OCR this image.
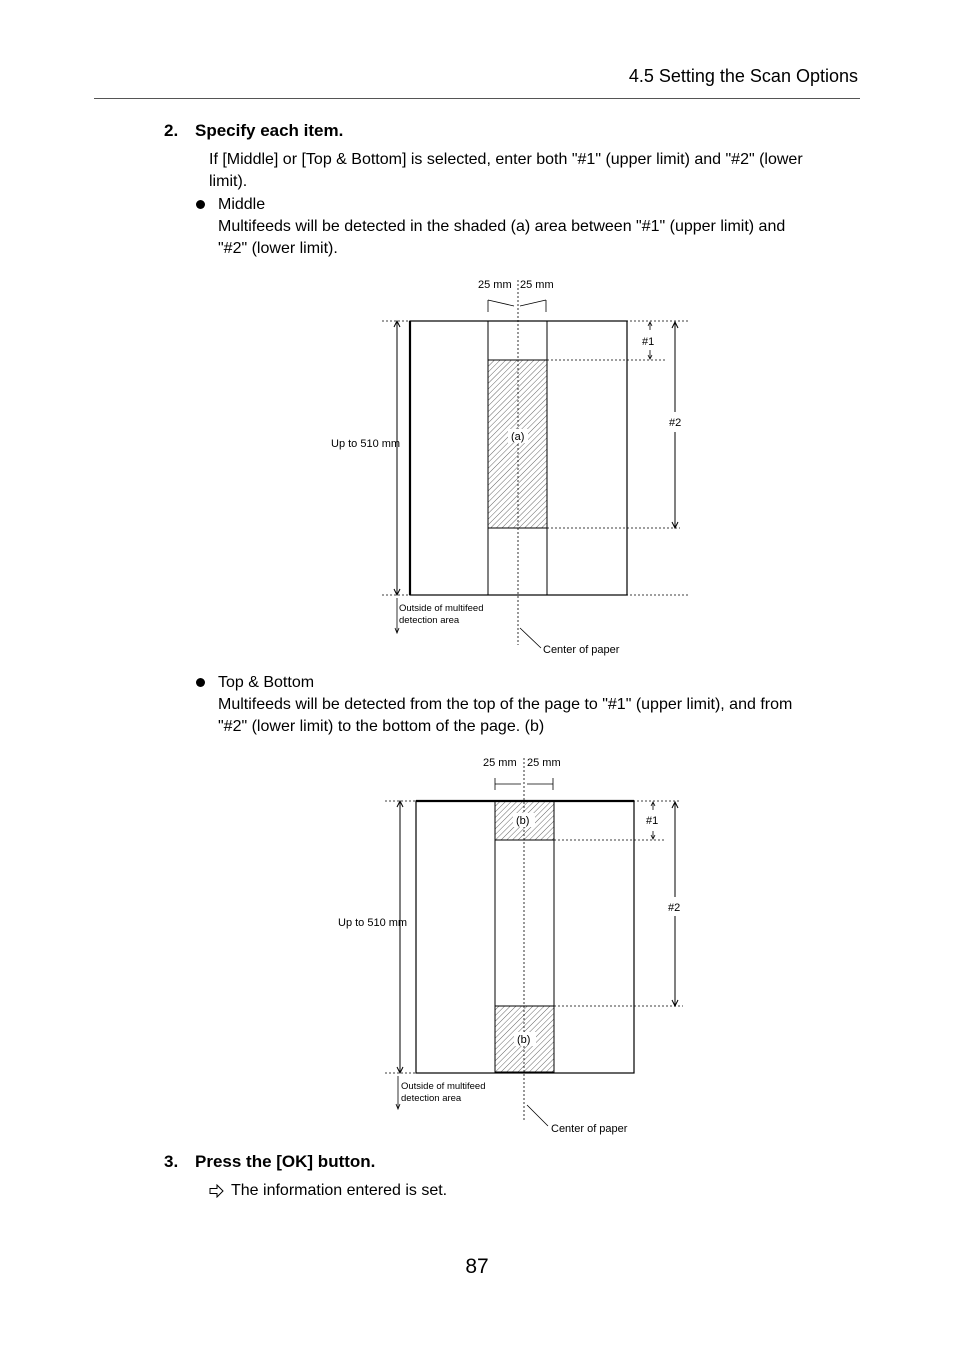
4.5 Setting the Scan Options
2. Specify each item.
If [Middle] or [Top & Bottom] is selected, enter both "#1" (upper limit) and "#2" (lower
limit).
Middle
Multifeeds will be detected in the shaded (a) area between "#1" (upper limit) and
"#2" (lower limit).
25 mm 25 mm
Up to 510 mm
#1
#2
(a)
Outside of multifeed
detection area
Center of paper
Top & Bottom
Multifeeds will be detected from the top of the page to "#1" (upper limit), and from
"#2" (lower limit) to the bottom of the page. (b)
25 mm 25 mm
Up to 510 mm
#1
#2
(b)
(b)
Outside of multifeed
detection area
Center of paper
3. Press the [OK] button.
The information entered is set.
87
